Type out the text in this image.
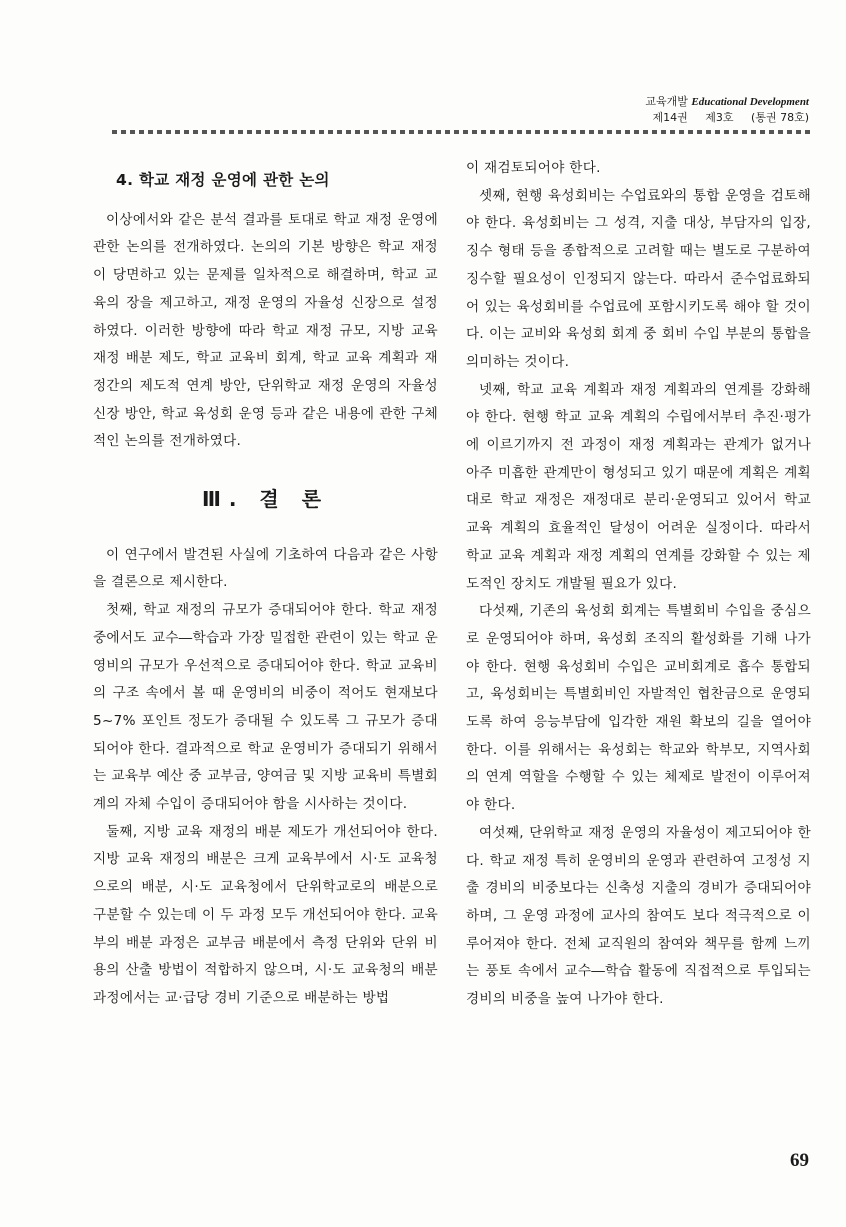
교육개발 Educational Development
제14권 제3호 (통권 78호)

4. 학교 재정 운영에 관한 논의

이상에서와 같은 분석 결과를 토대로 학교 재정 운영에 관한 논의를 전개하였다. 논의의 기본 방향은 학교 재정이 당면하고 있는 문제를 일차적으로 해결하며, 학교 교육의 장을 제고하고, 재정 운영의 자율성 신장으로 설정하였다. 이러한 방향에 따라 학교 재정 규모, 지방 교육 재정 배분 제도, 학교 교육비 회계, 학교 교육 계획과 재정간의 제도적 연계 방안, 단위학교 재정 운영의 자율성 신장 방안, 학교 육성회 운영 등과 같은 내용에 관한 구체적인 논의를 전개하였다.

Ⅲ. 결 론

이 연구에서 발견된 사실에 기초하여 다음과 같은 사항을 결론으로 제시한다.

첫째, 학교 재정의 규모가 증대되어야 한다. 학교 재정 중에서도 교수―학습과 가장 밀접한 관련이 있는 학교 운영비의 규모가 우선적으로 증대되어야 한다. 학교 교육비의 구조 속에서 볼 때 운영비의 비중이 적어도 현재보다 5~7% 포인트 정도가 증대될 수 있도록 그 규모가 증대되어야 한다. 결과적으로 학교 운영비가 증대되기 위해서는 교육부 예산 중 교부금, 양여금 및 지방 교육비 특별회계의 자체 수입이 증대되어야 함을 시사하는 것이다.

둘째, 지방 교육 재정의 배분 제도가 개선되어야 한다. 지방 교육 재정의 배분은 크게 교육부에서 시·도 교육청으로의 배분, 시·도 교육청에서 단위학교로의 배분으로 구분할 수 있는데 이 두 과정 모두 개선되어야 한다. 교육부의 배분 과정은 교부금 배분에서 측정 단위와 단위 비용의 산출 방법이 적합하지 않으며, 시·도 교육청의 배분 과정에서는 교·급당 경비 기준으로 배분하는 방법

이 재검토되어야 한다.

셋째, 현행 육성회비는 수업료와의 통합 운영을 검토해야 한다. 육성회비는 그 성격, 지출 대상, 부담자의 입장, 징수 형태 등을 종합적으로 고려할 때는 별도로 구분하여 징수할 필요성이 인정되지 않는다. 따라서 준수업료화되어 있는 육성회비를 수업료에 포함시키도록 해야 할 것이다. 이는 교비와 육성회 회계 중 회비 수입 부분의 통합을 의미하는 것이다.

넷째, 학교 교육 계획과 재정 계획과의 연계를 강화해야 한다. 현행 학교 교육 계획의 수립에서부터 추진·평가에 이르기까지 전 과정이 재정 계획과는 관계가 없거나 아주 미흡한 관계만이 형성되고 있기 때문에 계획은 계획대로 학교 재정은 재정대로 분리·운영되고 있어서 학교 교육 계획의 효율적인 달성이 어려운 실정이다. 따라서 학교 교육 계획과 재정 계획의 연계를 강화할 수 있는 제도적인 장치도 개발될 필요가 있다.

다섯째, 기존의 육성회 회계는 특별회비 수입을 중심으로 운영되어야 하며, 육성회 조직의 활성화를 기해 나가야 한다. 현행 육성회비 수입은 교비회계로 흡수 통합되고, 육성회비는 특별회비인 자발적인 협찬금으로 운영되도록 하여 응능부담에 입각한 재원 확보의 길을 열어야 한다. 이를 위해서는 육성회는 학교와 학부모, 지역사회의 연계 역할을 수행할 수 있는 체제로 발전이 이루어져야 한다.

여섯째, 단위학교 재정 운영의 자율성이 제고되어야 한다. 학교 재정 특히 운영비의 운영과 관련하여 고정성 지출 경비의 비중보다는 신축성 지출의 경비가 증대되어야 하며, 그 운영 과정에 교사의 참여도 보다 적극적으로 이루어져야 한다. 전체 교직원의 참여와 책무를 함께 느끼는 풍토 속에서 교수―학습 활동에 직접적으로 투입되는 경비의 비중을 높여 나가야 한다.

69
